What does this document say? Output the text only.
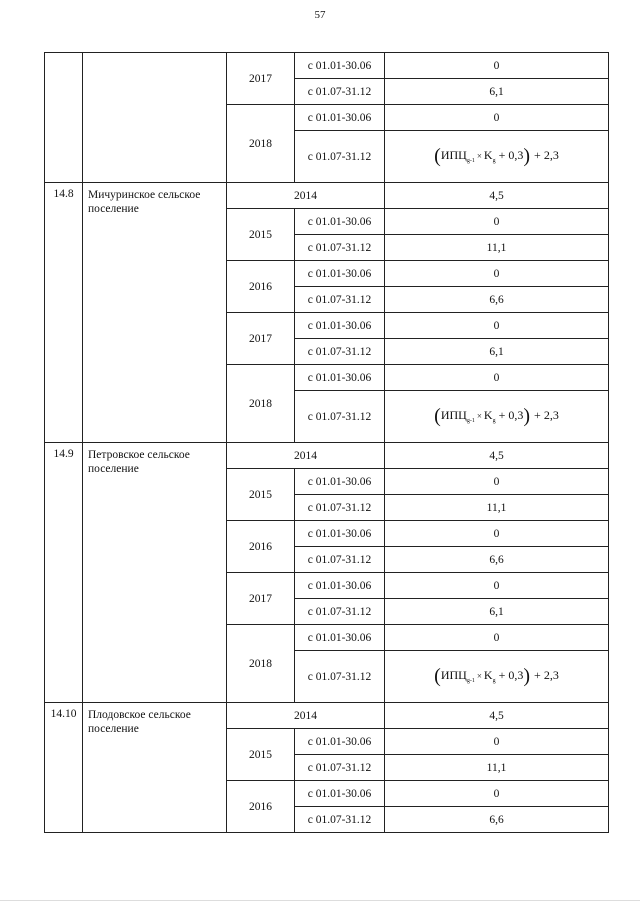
57
		2017	с 01.01-30.06	0
			с 01.07-31.12	6,1
		2018	с 01.01-30.06	0
			с 01.07-31.12	$(ИПЦ_{g-1} \times K_g + 0,3) + 2,3$
14.8	Мичуринское сельское поселение	2014		4,5
		2015	с 01.01-30.06	0
			с 01.07-31.12	11,1
		2016	с 01.01-30.06	0
			с 01.07-31.12	6,6
		2017	с 01.01-30.06	0
			с 01.07-31.12	6,1
		2018	с 01.01-30.06	0
			с 01.07-31.12	$(ИПЦ_{g-1} \times K_g + 0,3) + 2,3$
14.9	Петровское сельское поселение	2014		4,5
		2015	с 01.01-30.06	0
			с 01.07-31.12	11,1
		2016	с 01.01-30.06	0
			с 01.07-31.12	6,6
		2017	с 01.01-30.06	0
			с 01.07-31.12	6,1
		2018	с 01.01-30.06	0
			с 01.07-31.12	$(ИПЦ_{g-1} \times K_g + 0,3) + 2,3$
14.10	Плодовское сельское поселение	2014		4,5
		2015	с 01.01-30.06	0
			с 01.07-31.12	11,1
		2016	с 01.01-30.06	0
			с 01.07-31.12	6,6
